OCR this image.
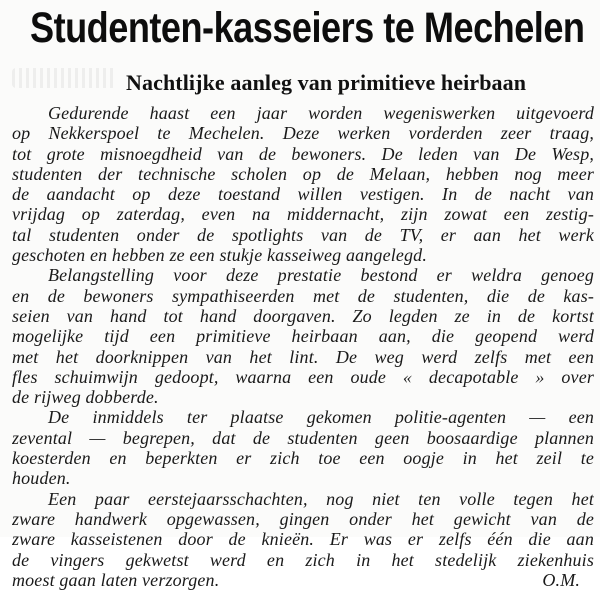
Studenten-kasseiers te Mechelen
Nachtlijke aanleg van primitieve heirbaan
Gedurende haast een jaar worden wegeniswerken uitgevoerd
op Nekkerspoel te Mechelen. Deze werken vorderden zeer traag,
tot grote misnoegdheid van de bewoners. De leden van De Wesp,
studenten der technische scholen op de Melaan, hebben nog meer
de aandacht op deze toestand willen vestigen. In de nacht van
vrijdag op zaterdag, even na middernacht, zijn zowat een zestig-
tal studenten onder de spotlights van de TV, er aan het werk
geschoten en hebben ze een stukje kasseiweg aangelegd.
Belangstelling voor deze prestatie bestond er weldra genoeg
en de bewoners sympathiseerden met de studenten, die de kas-
seien van hand tot hand doorgaven. Zo legden ze in de kortst
mogelijke tijd een primitieve heirbaan aan, die geopend werd
met het doorknippen van het lint. De weg werd zelfs met een
fles schuimwijn gedoopt, waarna een oude « decapotable » over
de rijweg dobberde.
De inmiddels ter plaatse gekomen politie-agenten — een
zevental — begrepen, dat de studenten geen boosaardige plannen
koesterden en beperkten er zich toe een oogje in het zeil te
houden.
Een paar eerstejaarsschachten, nog niet ten volle tegen het
zware handwerk opgewassen, gingen onder het gewicht van de
zware kasseistenen door de knieën. Er was er zelfs één die aan
de vingers gekwetst werd en zich in het stedelijk ziekenhuis
moest gaan laten verzorgen.	O.M.
